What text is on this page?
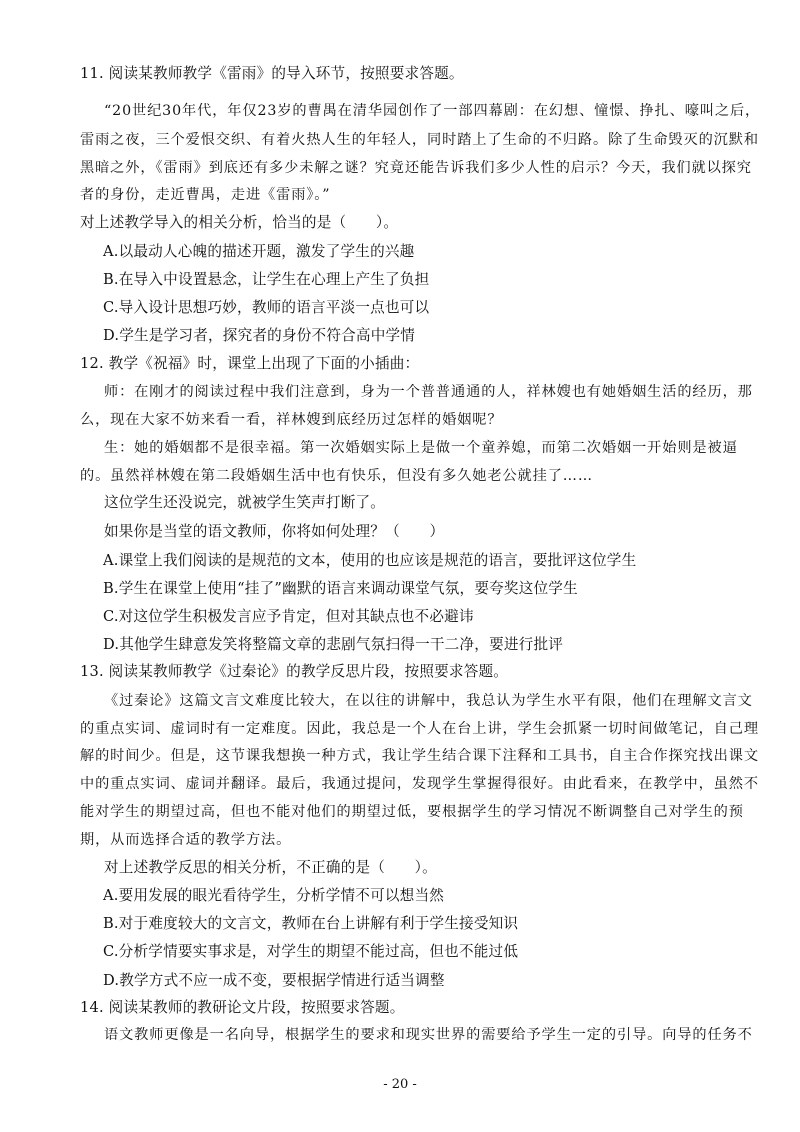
11. 阅读某教师教学《雷雨》的导入环节，按照要求答题。
“20世纪30年代，年仅23岁的曹禺在清华园创作了一部四幕剧：在幻想、憧憬、挣扎、嚎叫之后，
雷雨之夜，三个爱恨交织、有着火热人生的年轻人，同时踏上了生命的不归路。除了生命毁灭的沉默和
黑暗之外，《雷雨》到底还有多少未解之谜？究竟还能告诉我们多少人性的启示？今天，我们就以探究
者的身份，走近曹禺，走进《雷雨》。”
对上述教学导入的相关分析，恰当的是（　　）。
A.以最动人心魄的描述开题，激发了学生的兴趣
B.在导入中设置悬念，让学生在心理上产生了负担
C.导入设计思想巧妙，教师的语言平淡一点也可以
D.学生是学习者，探究者的身份不符合高中学情
12. 教学《祝福》时，课堂上出现了下面的小插曲：
师：在刚才的阅读过程中我们注意到，身为一个普普通通的人，祥林嫂也有她婚姻生活的经历，那
么，现在大家不妨来看一看，祥林嫂到底经历过怎样的婚姻呢？
生：她的婚姻都不是很幸福。第一次婚姻实际上是做一个童养媳，而第二次婚姻一开始则是被逼
的。虽然祥林嫂在第二段婚姻生活中也有快乐，但没有多久她老公就挂了……
这位学生还没说完，就被学生笑声打断了。
如果你是当堂的语文教师，你将如何处理？（　　）
A.课堂上我们阅读的是规范的文本，使用的也应该是规范的语言，要批评这位学生
B.学生在课堂上使用“挂了”幽默的语言来调动课堂气氛，要夸奖这位学生
C.对这位学生积极发言应予肯定，但对其缺点也不必避讳
D.其他学生肆意发笑将整篇文章的悲剧气氛扫得一干二净，要进行批评
13. 阅读某教师教学《过秦论》的教学反思片段，按照要求答题。
《过秦论》这篇文言文难度比较大，在以往的讲解中，我总认为学生水平有限，他们在理解文言文
的重点实词、虚词时有一定难度。因此，我总是一个人在台上讲，学生会抓紧一切时间做笔记，自己理
解的时间少。但是，这节课我想换一种方式，我让学生结合课下注释和工具书，自主合作探究找出课文
中的重点实词、虚词并翻译。最后，我通过提问，发现学生掌握得很好。由此看来，在教学中，虽然不
能对学生的期望过高，但也不能对他们的期望过低，要根据学生的学习情况不断调整自己对学生的预
期，从而选择合适的教学方法。
对上述教学反思的相关分析，不正确的是（　　）。
A.要用发展的眼光看待学生，分析学情不可以想当然
B.对于难度较大的文言文，教师在台上讲解有利于学生接受知识
C.分析学情要实事求是，对学生的期望不能过高，但也不能过低
D.教学方式不应一成不变，要根据学情进行适当调整
14. 阅读某教师的教研论文片段，按照要求答题。
语文教师更像是一名向导，根据学生的要求和现实世界的需要给予学生一定的引导。向导的任务不
- 20 -
